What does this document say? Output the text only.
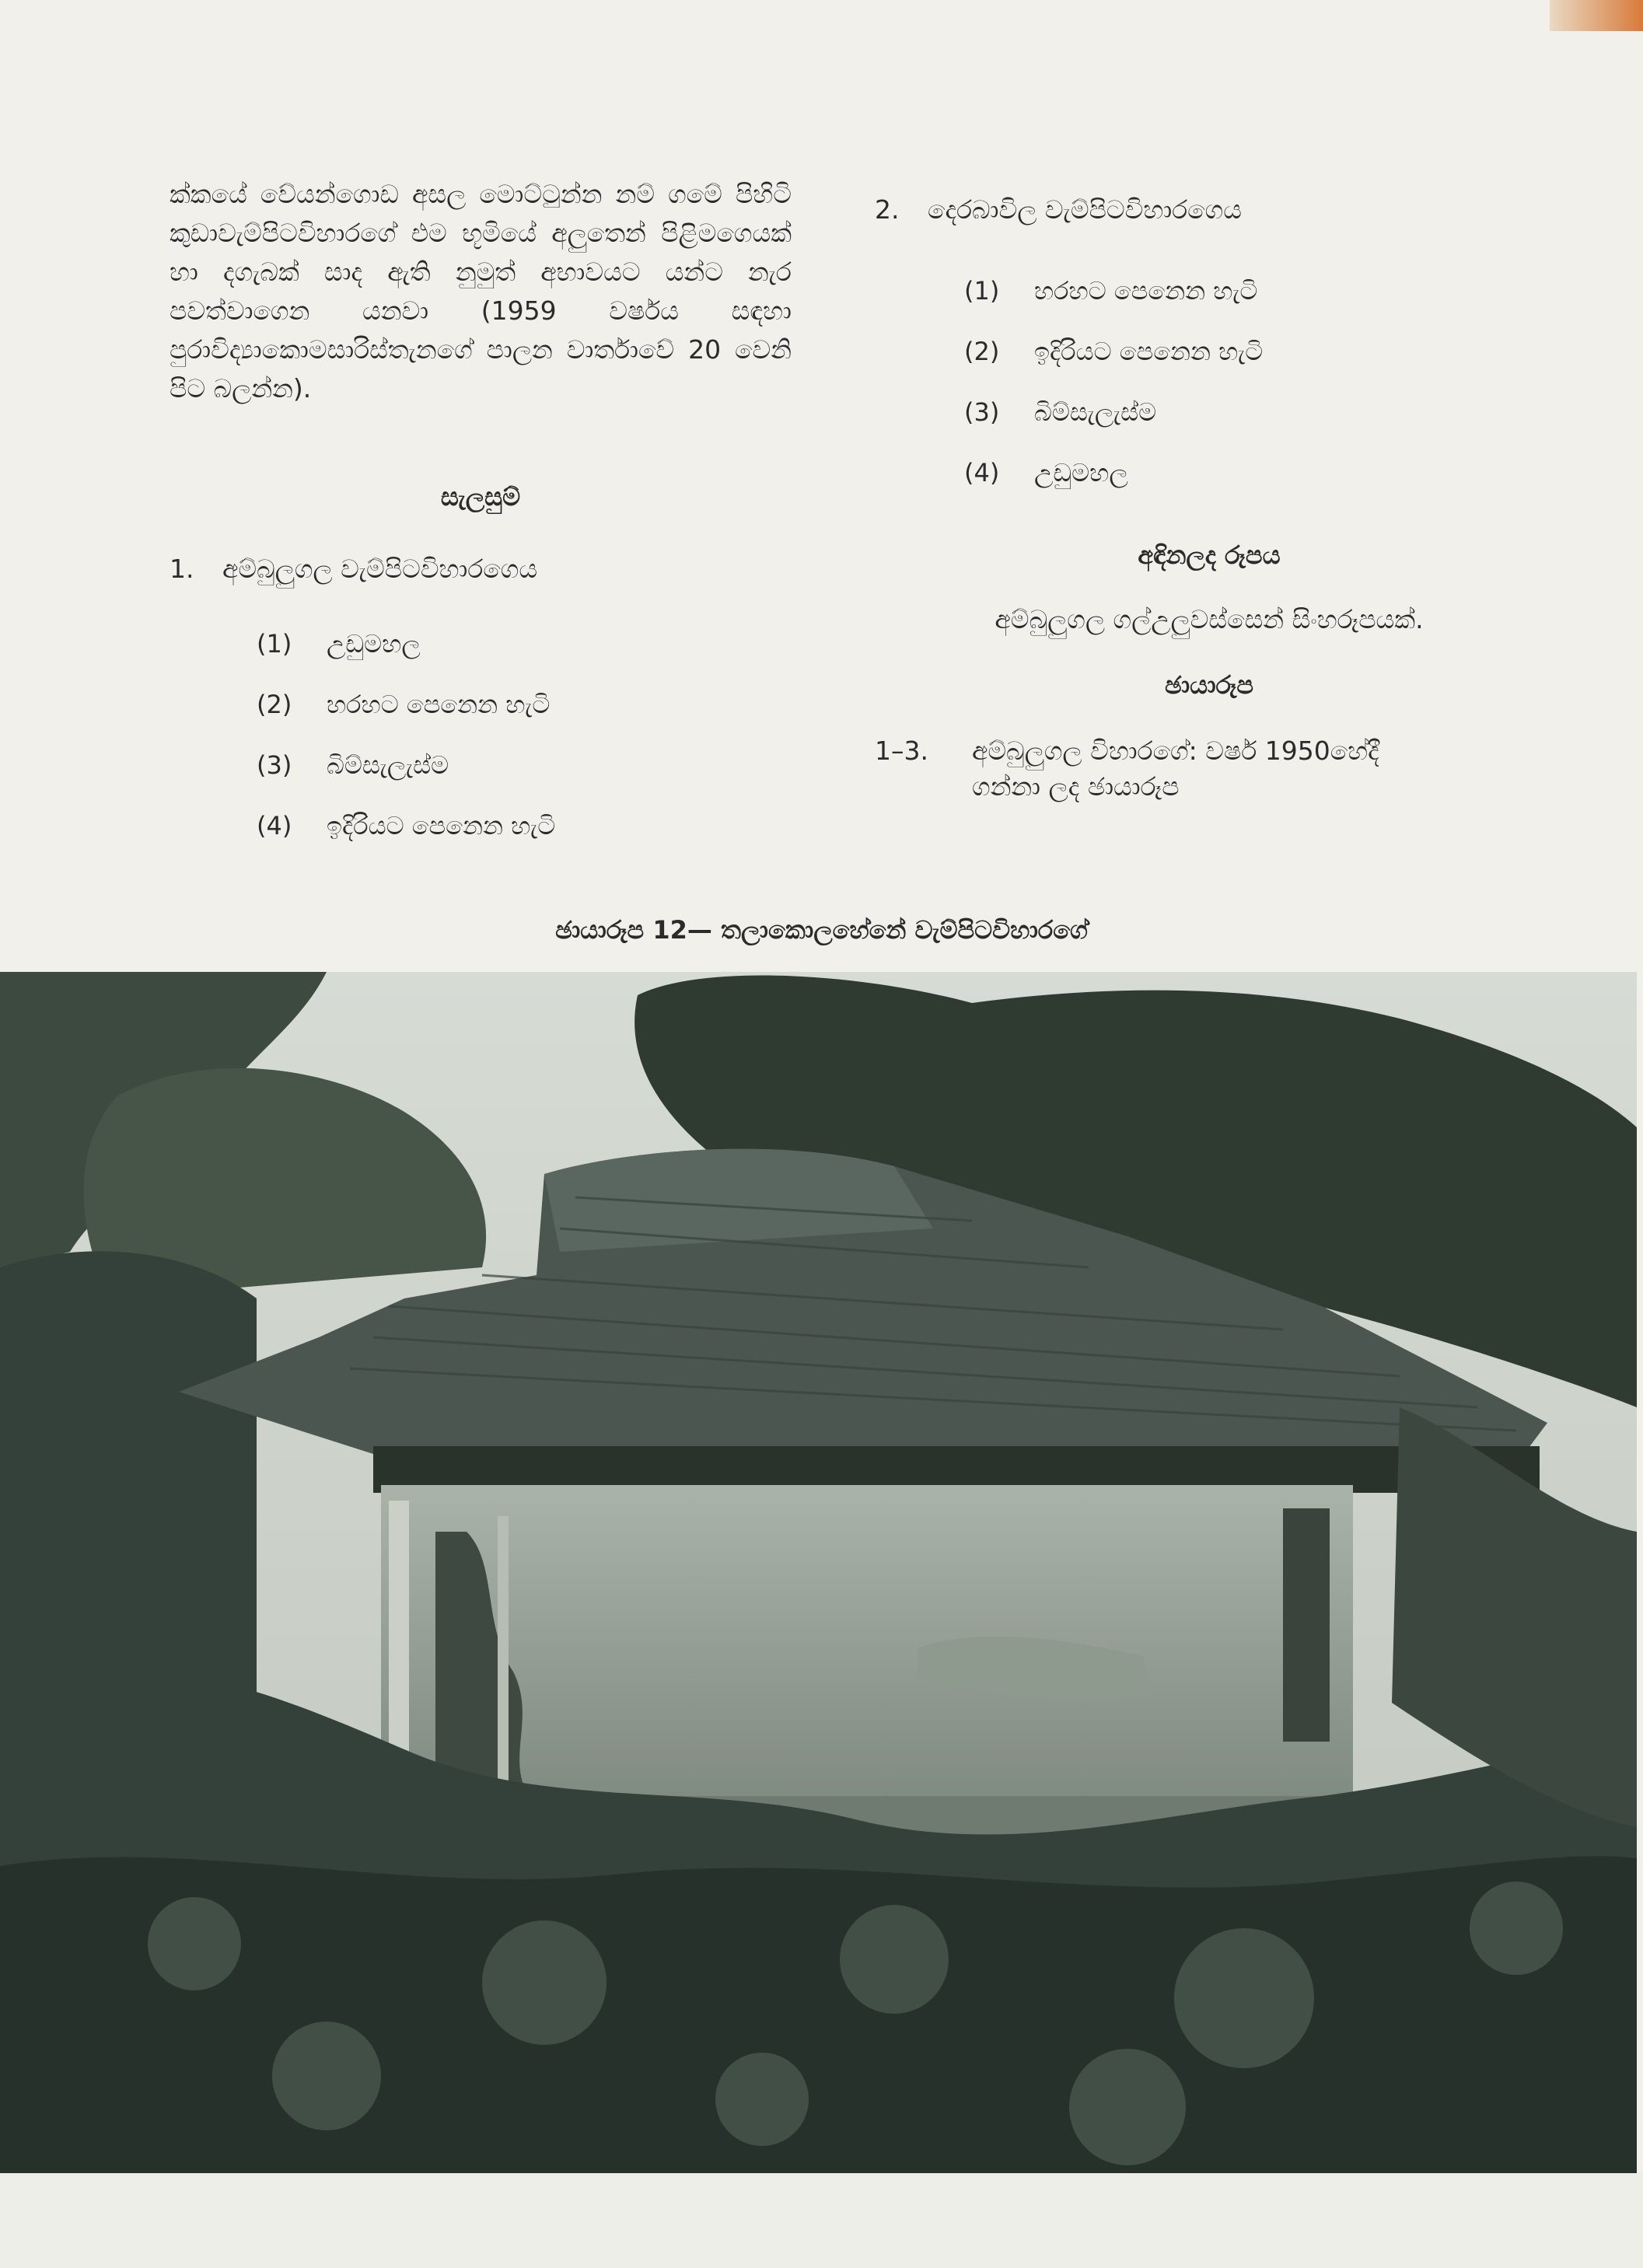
ක්කයේ වේයන්ගොඩ අසල මොට්ටුන්න නම් ගමේ පිහිටි කුඩාවැම්පිටවිහාරගේ එම භූමියේ අලුතෙන් පිළිමගෙයක් හා දගැබක් සාද ඇති නුමුත් අභාවයට යන්ට නැර පවත්වාගෙන යනවා (1959 වර්ෂය සඳහා පුරාවිද්‍යාකොමසාරිස්තැනගේ පාලන වාර්තාවේ 20 වෙනි පිට බලන්න).

සැලසුම්

1. අම්බුලුගල වැම්පිටවිහාරගෙය

(1)	උඩුමහල
(2)	හරහට පෙනෙන හැටි
(3)	බිම්සැලැස්ම
(4)	ඉදිරියට පෙනෙන හැටි

2. දෙරබාවිල වැම්පිටවිහාරගෙය

(1)	හරහට පෙනෙන හැටි
(2)	ඉදිරියට පෙනෙන හැටි
(3)	බිම්සැලැස්ම
(4)	උඩුමහල

අඳිනලද රූපය

අම්බුලුගල ගල්උලුවස්සෙන් සිංහරූපයක්.

ඡායාරූප

1–3.	අම්බුලුගල විහාරගේ: වර්ෂ 1950හේදී
ගන්නා ලද ඡායාරූප

ඡායාරූප 12— තලාකොලහේනේ වැම්පිටවිහාරගේ
